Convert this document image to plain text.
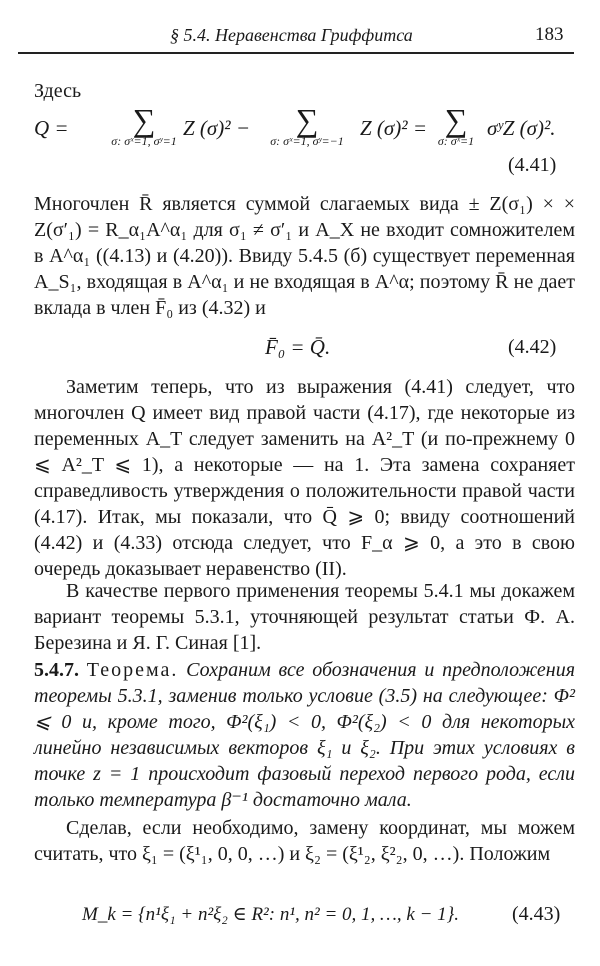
§ 5.4. Неравенства Гриффитса	183

Здесь

Q =	∑
σ: σˣ=1, σʸ=1
Z (σ)² −	∑
σ: σˣ=1, σʸ=−1
Z (σ)² = ∑
σ: σˣ=1
σʸZ (σ)².
(4.41)

Многочлен R̄ является суммой слагаемых вида ± Z(σ₁) × × Z(σ′₁) = R_α₁A^α₁ для σ₁ ≠ σ′₁ и A_X не входит сомножителем в A^α₁ ((4.13) и (4.20)). Ввиду 5.4.5 (б) существует переменная A_S₁, входящая в A^α₁ и не входящая в A^α; поэтому R̄ не дает вклада в член F̄₀ из (4.32) и

F̄₀ = Q̄.	(4.42)

Заметим теперь, что из выражения (4.41) следует, что многочлен Q имеет вид правой части (4.17), где некоторые из переменных A_T следует заменить на A²_T (и по-прежнему 0 ⩽ A²_T ⩽ 1), а некоторые — на 1. Эта замена сохраняет справедливость утверждения о положительности правой части (4.17). Итак, мы показали, что Q̄ ⩾ 0; ввиду соотношений (4.42) и (4.33) отсюда следует, что F_α ⩾ 0, а это в свою очередь доказывает неравенство (II).

В качестве первого применения теоремы 5.4.1 мы докажем вариант теоремы 5.3.1, уточняющей результат статьи Ф. А. Березина и Я. Г. Синая [1].

5.4.7. Теорема. Сохраним все обозначения и предположения теоремы 5.3.1, заменив только условие (3.5) на следующее: Φ² ⩽ 0 и, кроме того, Φ²(ξ₁) < 0, Φ²(ξ₂) < 0 для некоторых линейно независимых векторов ξ₁ и ξ₂. При этих условиях в точке z = 1 происходит фазовый переход первого рода, если только температура β⁻¹ достаточно мала.

Сделав, если необходимо, замену координат, мы можем считать, что ξ₁ = (ξ¹₁, 0, 0, …) и ξ₂ = (ξ¹₂, ξ²₂, 0, …). Положим

M_k = {n¹ξ₁ + n²ξ₂ ∈ R²: n¹, n² = 0, 1, …, k − 1}.	(4.43)
